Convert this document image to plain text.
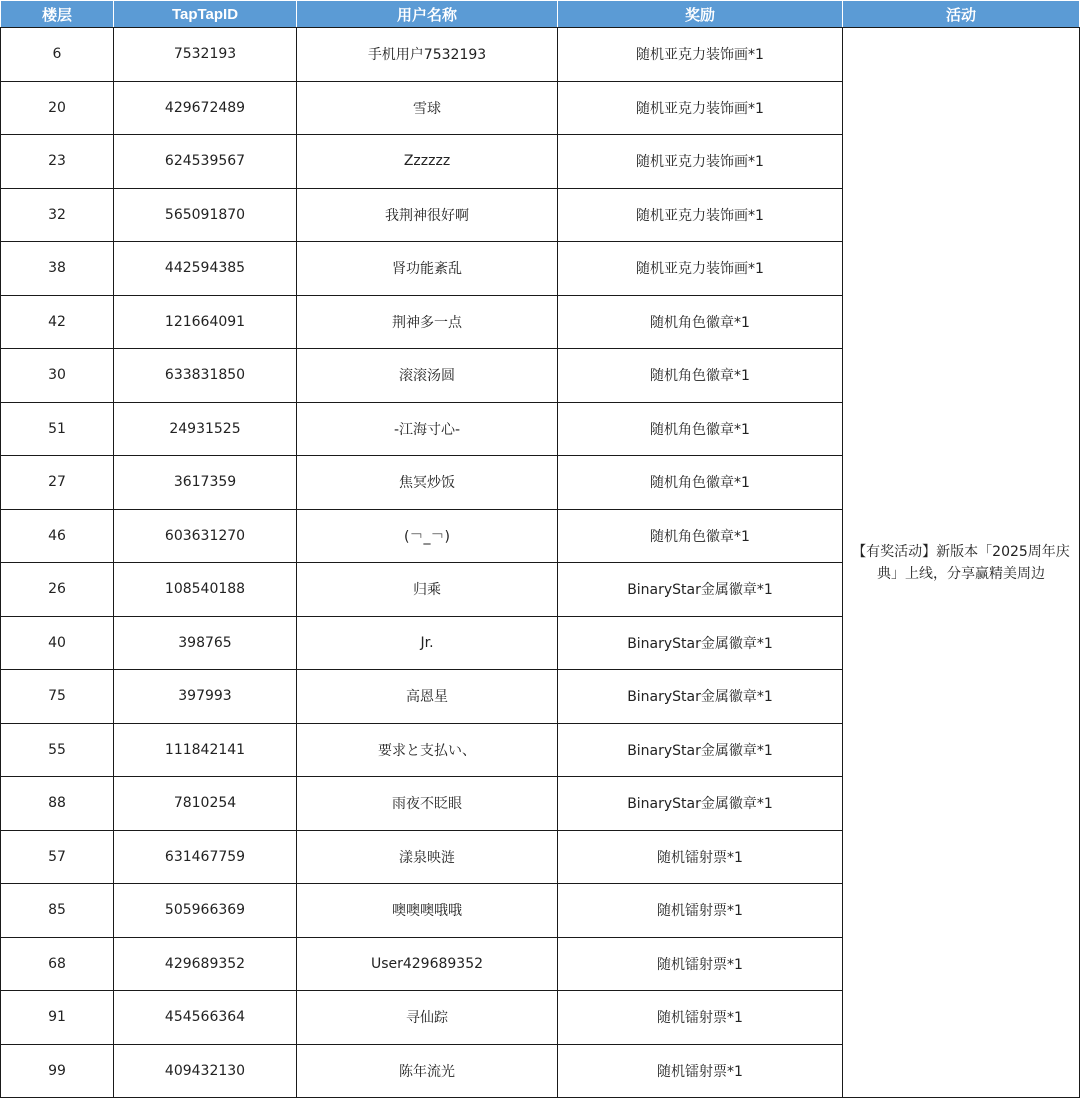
楼层	TapTapID	用户名称	奖励	活动
6	7532193	手机用户7532193	随机亚克力装饰画*1	【有奖活动】新版本「2025周年庆典」上线，分享赢精美周边
20	429672489	雪球	随机亚克力装饰画*1	
23	624539567	Zzzzzz	随机亚克力装饰画*1	
32	565091870	我荆神很好啊	随机亚克力装饰画*1	
38	442594385	肾功能紊乱	随机亚克力装饰画*1	
42	121664091	荆神多一点	随机角色徽章*1	
30	633831850	滚滚汤圆	随机角色徽章*1	
51	24931525	-江海寸心-	随机角色徽章*1	
27	3617359	焦冥炒饭	随机角色徽章*1	
46	603631270	(￢_￢)	随机角色徽章*1	
26	108540188	归乘	BinaryStar金属徽章*1	
40	398765	Jr.	BinaryStar金属徽章*1	
75	397993	高恩星	BinaryStar金属徽章*1	
55	111842141	要求と支払い、	BinaryStar金属徽章*1	
88	7810254	雨夜不眨眼	BinaryStar金属徽章*1	
57	631467759	漾泉映涟	随机镭射票*1	
85	505966369	噢噢噢哦哦	随机镭射票*1	
68	429689352	User429689352	随机镭射票*1	
91	454566364	寻仙踪	随机镭射票*1	
99	409432130	陈年流光	随机镭射票*1	
